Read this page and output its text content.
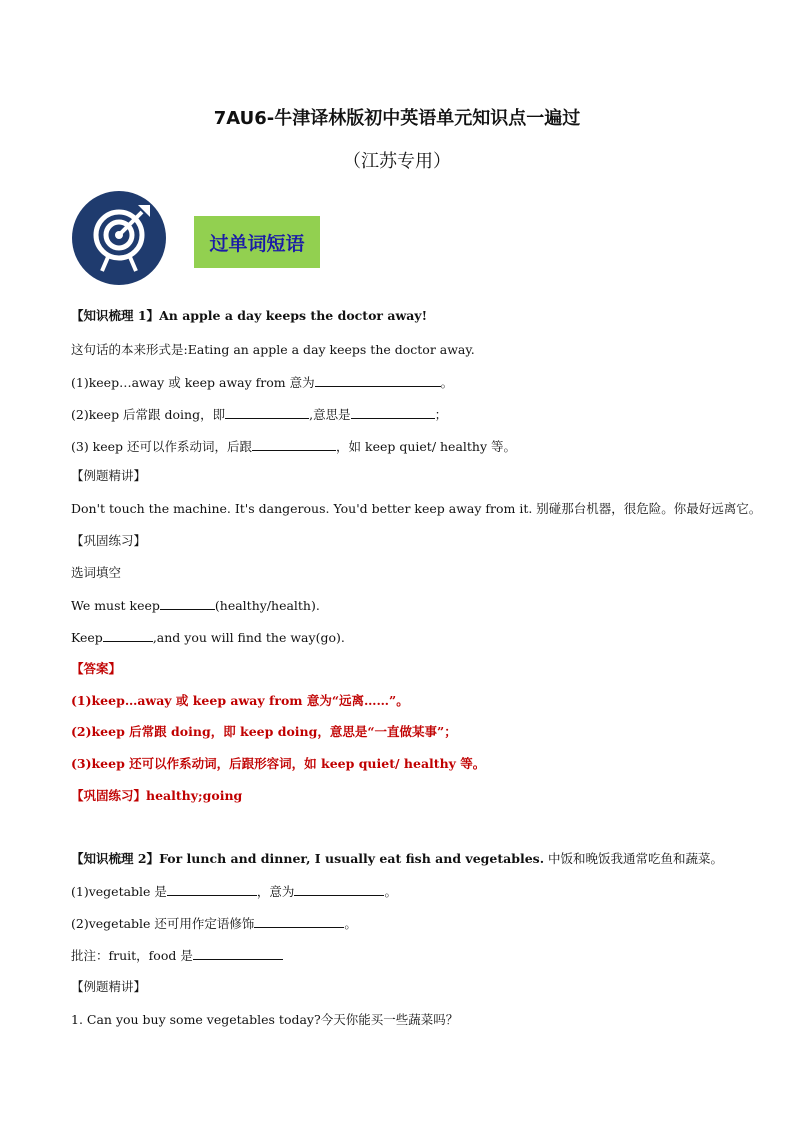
7AU6-牛津译林版初中英语单元知识点一遍过
（江苏专用）
过单词短语
【知识梳理 1】An apple a day keeps the doctor away!
这句话的本来形式是:Eating an apple a day keeps the doctor away.
(1)keep…away 或 keep away from 意为	。
(2)keep 后常跟 doing，即	,意思是	；
(3) keep 还可以作系动词，后跟	，如 keep quiet/ healthy 等。
【例题精讲】
Don't touch the machine. It's dangerous. You'd better keep away from it. 别碰那台机器，很危险。你最好远离它。
【巩固练习】
选词填空
We must keep	(healthy/health).
Keep	,and you will find the way(go).
【答案】
(1)keep…away 或 keep away from 意为“远离……”。
(2)keep 后常跟 doing，即 keep doing，意思是“一直做某事”；
(3)keep 还可以作系动词，后跟形容词，如 keep quiet/ healthy 等。
【巩固练习】healthy;going
【知识梳理 2】For lunch and dinner, I usually eat fish and vegetables. 中饭和晚饭我通常吃鱼和蔬菜。
(1)vegetable 是	，意为	。
(2)vegetable 还可用作定语修饰	。
批注：fruit，food 是
【例题精讲】
1. Can you buy some vegetables today?今天你能买一些蔬菜吗？
